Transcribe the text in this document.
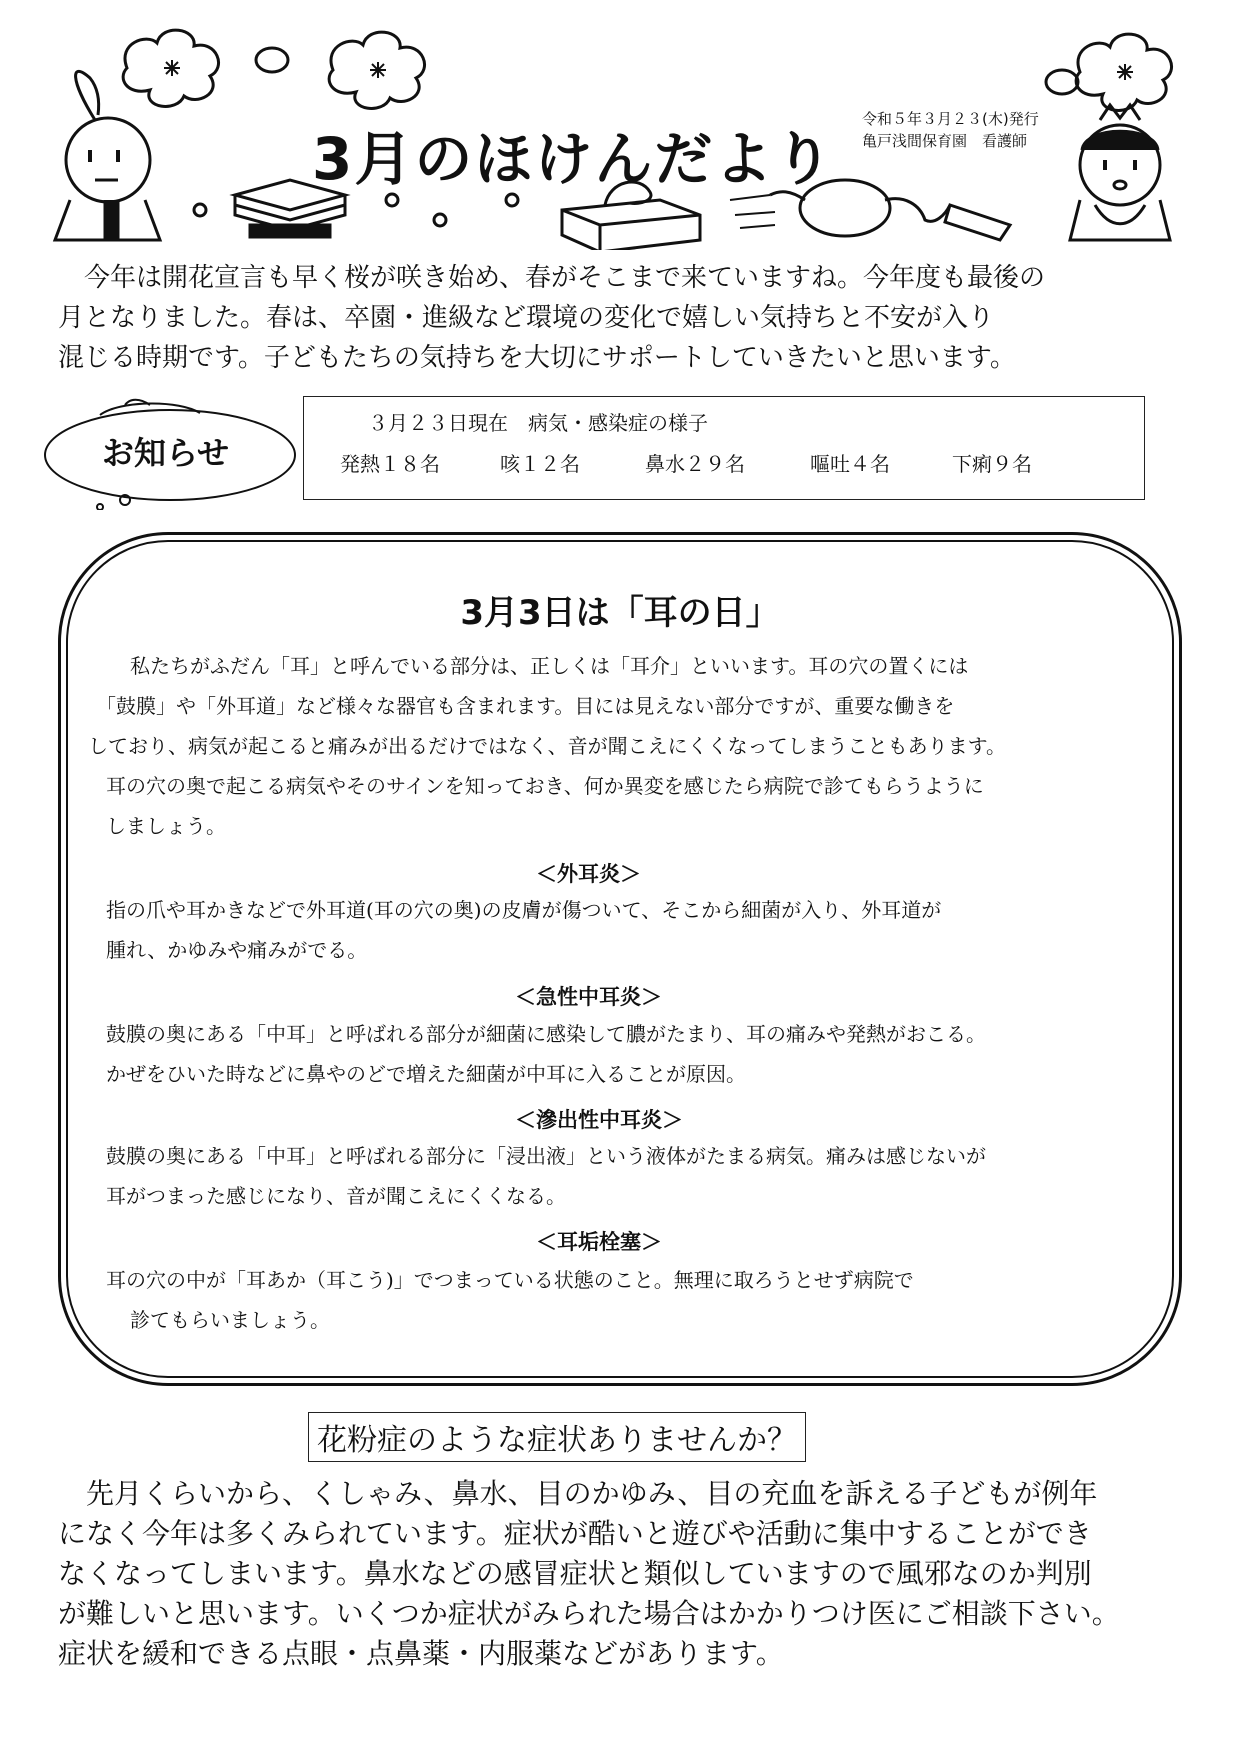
3月のほけんだより
令和５年３月２３(木)発行
亀戸浅間保育園　看護師
今年は開花宣言も早く桜が咲き始め、春がそこまで来ていますね。今年度も最後の
月となりました。春は、卒園・進級など環境の変化で嬉しい気持ちと不安が入り
混じる時期です。子どもたちの気持ちを大切にサポートしていきたいと思います。
お知らせ
３月２３日現在　病気・感染症の様子
発熱１８名	咳１２名	鼻水２９名	嘔吐４名	下痢９名
3月3日は「耳の日」
私たちがふだん「耳」と呼んでいる部分は、正しくは「耳介」といいます。耳の穴の置くには
「鼓膜」や「外耳道」など様々な器官も含まれます。目には見えない部分ですが、重要な働きを
しており、病気が起こると痛みが出るだけではなく、音が聞こえにくくなってしまうこともあります。
耳の穴の奥で起こる病気やそのサインを知っておき、何か異変を感じたら病院で診てもらうように
しましょう。
＜外耳炎＞
指の爪や耳かきなどで外耳道(耳の穴の奥)の皮膚が傷ついて、そこから細菌が入り、外耳道が
腫れ、かゆみや痛みがでる。
＜急性中耳炎＞
鼓膜の奥にある「中耳」と呼ばれる部分が細菌に感染して膿がたまり、耳の痛みや発熱がおこる。
かぜをひいた時などに鼻やのどで増えた細菌が中耳に入ることが原因。
＜滲出性中耳炎＞
鼓膜の奥にある「中耳」と呼ばれる部分に「浸出液」という液体がたまる病気。痛みは感じないが
耳がつまった感じになり、音が聞こえにくくなる。
＜耳垢栓塞＞
耳の穴の中が「耳あか（耳こう)」でつまっている状態のこと。無理に取ろうとせず病院で
診てもらいましょう。
花粉症のような症状ありませんか？
先月くらいから、くしゃみ、鼻水、目のかゆみ、目の充血を訴える子どもが例年
になく今年は多くみられています。症状が酷いと遊びや活動に集中することができ
なくなってしまいます。鼻水などの感冒症状と類似していますので風邪なのか判別
が難しいと思います。いくつか症状がみられた場合はかかりつけ医にご相談下さい。
症状を緩和できる点眼・点鼻薬・内服薬などがあります。
